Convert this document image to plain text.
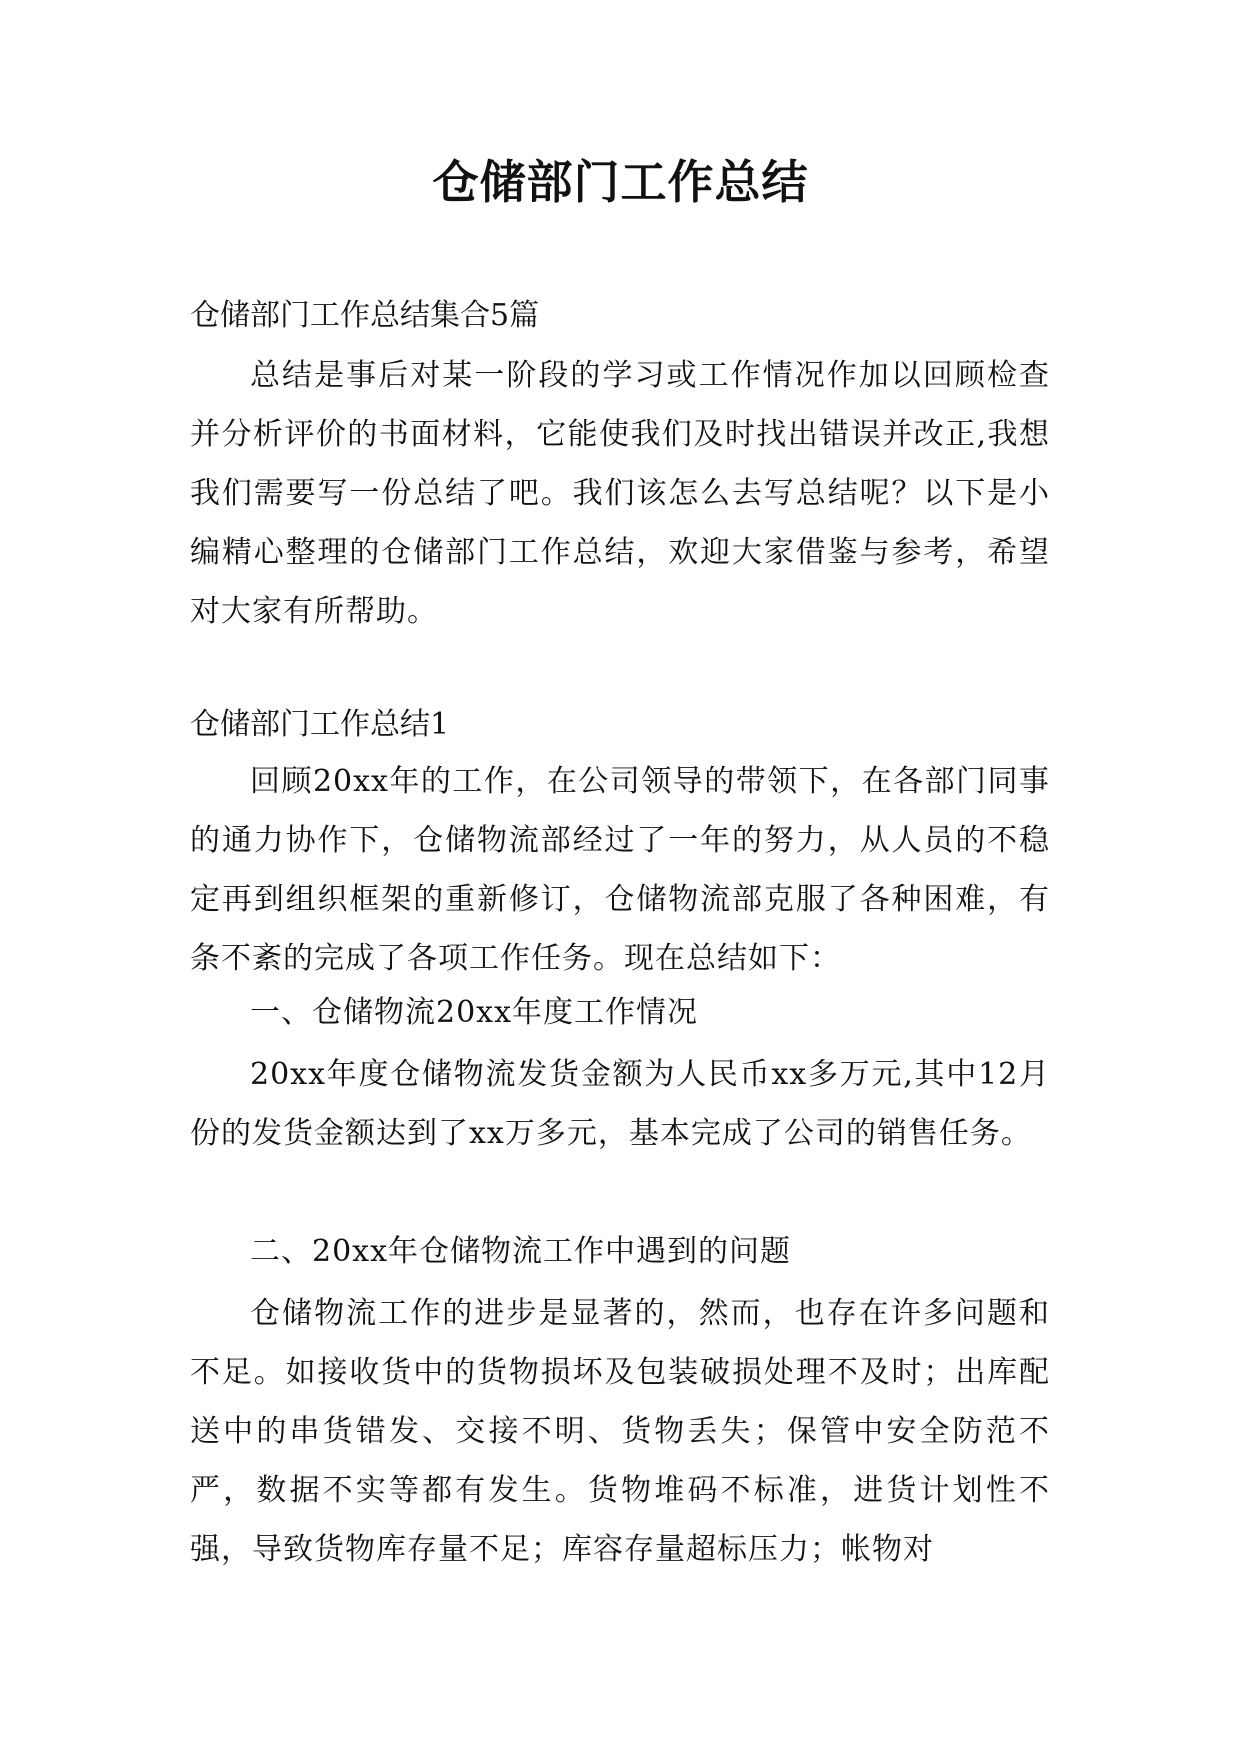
仓储部门工作总结
仓储部门工作总结集合5篇
总结是事后对某一阶段的学习或工作情况作加以回顾检查并分析评价的书面材料，它能使我们及时找出错误并改正,我想我们需要写一份总结了吧。我们该怎么去写总结呢？以下是小编精心整理的仓储部门工作总结，欢迎大家借鉴与参考，希望对大家有所帮助。
仓储部门工作总结1
回顾20xx年的工作，在公司领导的带领下，在各部门同事的通力协作下，仓储物流部经过了一年的努力，从人员的不稳定再到组织框架的重新修订，仓储物流部克服了各种困难，有条不紊的完成了各项工作任务。现在总结如下：
一、仓储物流20xx年度工作情况
20xx年度仓储物流发货金额为人民币xx多万元,其中12月份的发货金额达到了xx万多元，基本完成了公司的销售任务。
二、20xx年仓储物流工作中遇到的问题
仓储物流工作的进步是显著的，然而，也存在许多问题和不足。如接收货中的货物损坏及包装破损处理不及时；出库配送中的串货错发、交接不明、货物丢失；保管中安全防范不严，数据不实等都有发生。货物堆码不标准，进货计划性不强，导致货物库存量不足；库容存量超标压力；帐物对
